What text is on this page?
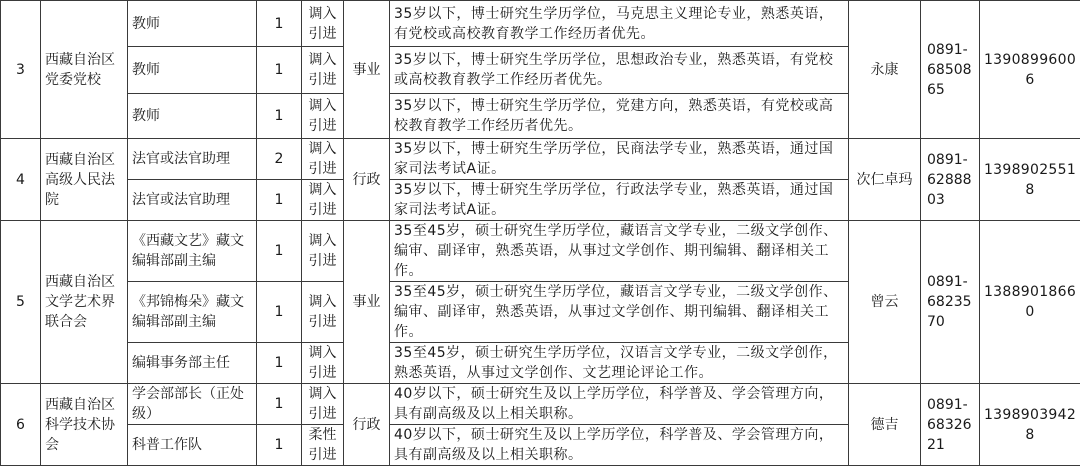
3	西藏自治区党委党校	教师	1	调入引进	事业	35岁以下，博士研究生学历学位，马克思主义理论专业，熟悉英语，有党校或高校教育教学工作经历者优先。	永康	0891-6850865	13908996006
		教师	1	调入引进		35岁以下，博士研究生学历学位，思想政治专业，熟悉英语，有党校或高校教育教学工作经历者优先。			
		教师	1	调入引进		35岁以下，博士研究生学历学位，党建方向，熟悉英语，有党校或高校教育教学工作经历者优先。			
4	西藏自治区高级人民法院	法官或法官助理	2	调入引进	行政	35岁以下，博士研究生学历学位，民商法学专业，熟悉英语，通过国家司法考试A证。	次仁卓玛	0891-6288803	13989025518
		法官或法官助理	1	调入引进		35岁以下，博士研究生学历学位，行政法学专业，熟悉英语，通过国家司法考试A证。			
5	西藏自治区文学艺术界联合会	《西藏文艺》藏文编辑部副主编	1	调入引进	事业	35至45岁，硕士研究生学历学位，藏语言文学专业，二级文学创作、编审、副译审，熟悉英语，从事过文学创作、期刊编辑、翻译相关工作。	曾云	0891-6823570	13889018660
		《邦锦梅朵》藏文编辑部副主编	1	调入引进		35至45岁，硕士研究生学历学位，藏语言文学专业，二级文学创作、编审、副译审，熟悉英语，从事过文学创作、期刊编辑、翻译相关工作。			
		编辑事务部主任	1	调入引进		35至45岁，硕士研究生学历学位，汉语言文学专业，二级文学创作，熟悉英语，从事过文学创作、文艺理论评论工作。			
6	西藏自治区科学技术协会	学会部部长（正处级）	1	调入引进	行政	40岁以下，硕士研究生及以上学历学位，科学普及、学会管理方向，具有副高级及以上相关职称。	德吉	0891-6832621	13989039428
		科普工作队	1	柔性引进		40岁以下，硕士研究生及以上学历学位，科学普及、学会管理方向，具有副高级及以上相关职称。			
